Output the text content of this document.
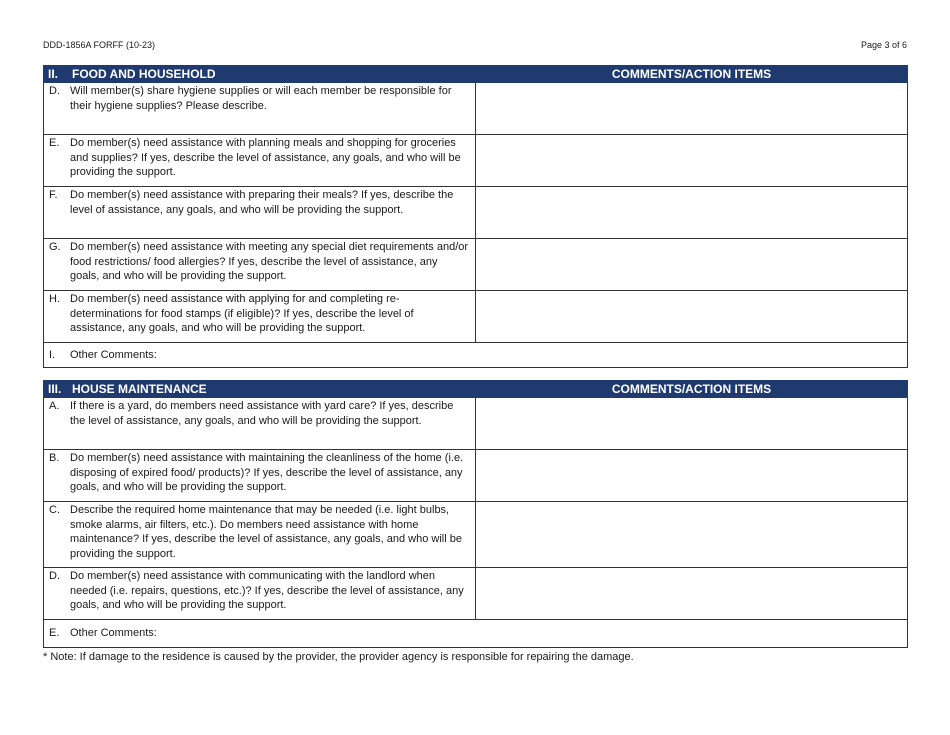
DDD-1856A FORFF (10-23)	Page 3 of 6
II.	FOOD AND HOUSEHOLD	COMMENTS/ACTION ITEMS
D. Will member(s) share hygiene supplies or will each member be responsible for their hygiene supplies? Please describe.
E. Do member(s) need assistance with planning meals and shopping for groceries and supplies? If yes, describe the level of assistance, any goals, and who will be providing the support.
F.	Do member(s) need assistance with preparing their meals? If yes, describe the level of assistance, any goals, and who will be providing the support.
G. Do member(s) need assistance with meeting any special diet requirements and/or food restrictions/ food allergies? If yes, describe the level of assistance, any goals, and who will be providing the support.
H. Do member(s) need assistance with applying for and completing re-determinations for food stamps (if eligible)? If yes, describe the level of assistance, any goals, and who will be providing the support.
I.	Other Comments:
III. HOUSE MAINTENANCE	COMMENTS/ACTION ITEMS
A. If there is a yard, do members need assistance with yard care? If yes, describe the level of assistance, any goals, and who will be providing the support.
B. Do member(s) need assistance with maintaining the cleanliness of the home (i.e. disposing of expired food/ products)? If yes, describe the level of assistance, any goals, and who will be providing the support.
C. Describe the required home maintenance that may be needed (i.e. light bulbs, smoke alarms, air filters, etc.). Do members need assistance with home maintenance? If yes, describe the level of assistance, any goals, and who will be providing the support.
D. Do member(s) need assistance with communicating with the landlord when needed (i.e. repairs, questions, etc.)? If yes, describe the level of assistance, any goals, and who will be providing the support.
E. Other Comments:
* Note: If damage to the residence is caused by the provider, the provider agency is responsible for repairing the damage.
